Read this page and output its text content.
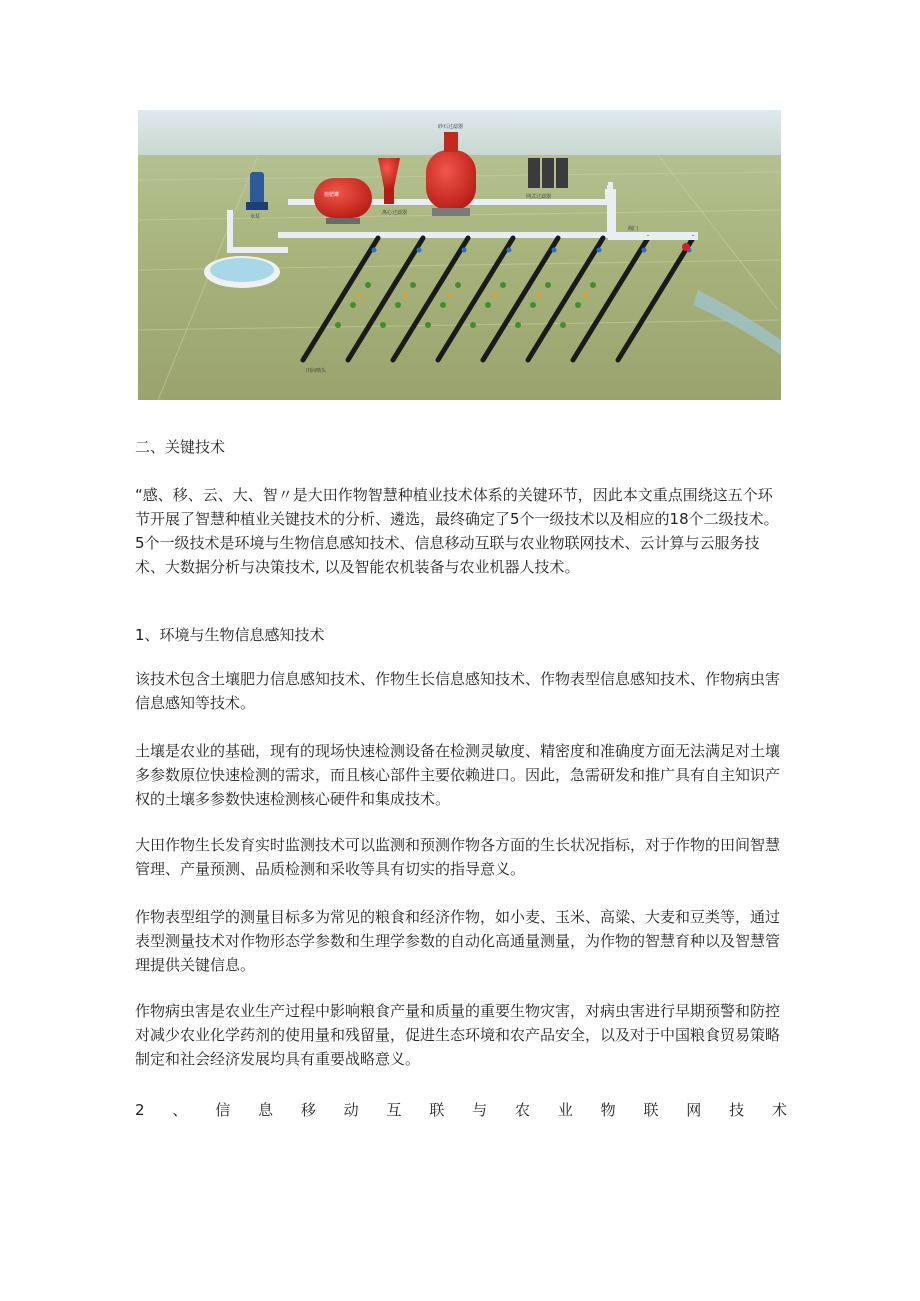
水泵
施肥罐
离心过滤器
砂石过滤器
网式过滤器
阀门
田间喷头

二、关键技术

“感、移、云、大、智〃是大田作物智慧种植业技术体系的关键环节，因此本文重点围绕这五个环节开展了智慧种植业关键技术的分析、遴选，最终确定了5个一级技术以及相应的18个二级技术。5个一级技术是环境与生物信息感知技术、信息移动互联与农业物联网技术、云计算与云服务技术、大数据分析与决策技术, 以及智能农机装备与农业机器人技术。

1、环境与生物信息感知技术

该技术包含土壤肥力信息感知技术、作物生长信息感知技术、作物表型信息感知技术、作物病虫害信息感知等技术。

土壤是农业的基础，现有的现场快速检测设备在检测灵敏度、精密度和准确度方面无法满足对土壤多参数原位快速检测的需求，而且核心部件主要依赖进口。因此，急需研发和推广具有自主知识产权的土壤多参数快速检测核心硬件和集成技术。

大田作物生长发育实时监测技术可以监测和预测作物各方面的生长状况指标，对于作物的田间智慧管理、产量预测、品质检测和采收等具有切实的指导意义。

作物表型组学的测量目标多为常见的粮食和经济作物，如小麦、玉米、高粱、大麦和豆类等，通过表型测量技术对作物形态学参数和生理学参数的自动化高通量测量，为作物的智慧育种以及智慧管理提供关键信息。

作物病虫害是农业生产过程中影响粮食产量和质量的重要生物灾害，对病虫害进行早期预警和防控对减少农业化学药剂的使用量和残留量，促进生态环境和农产品安全，以及对于中国粮食贸易策略制定和社会经济发展均具有重要战略意义。

2 、 信 息 移 动 互 联 与 农 业 物 联 网 技 术
